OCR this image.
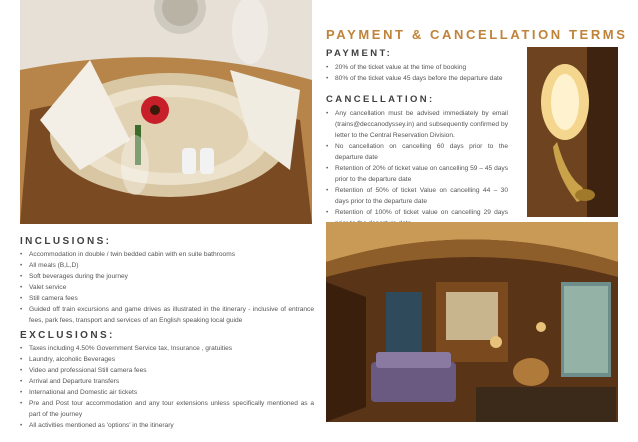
PAYMENT & CANCELLATION TERMS
PAYMENT:
• 20% of the ticket value at the time of booking
• 80% of the ticket value 45 days before the departure date
CANCELLATION:
• Any cancellation must be advised immediately by email (trains@deccanodyssey.in) and subsequently confirmed by letter to the Central Reservation Division.
• No cancellation on cancelling 60 days prior to the departure date
• Retention of 20% of ticket value on cancelling 59 – 45 days prior to the departure date
• Retention of 50% of ticket Value on cancelling 44 – 30 days prior to the departure date
• Retention of 100% of ticket value on cancelling 29 days
INCLUSIONS:
• Accommodation in double / twin bedded cabin with en suite bathrooms
• All meals (B,L,D)
• Soft beverages during the journey
• Valet service
• Still camera fees
• Guided off train excursions and game drives as illustrated in the itinerary - inclusive of entrance fees, park fees, transport and services of an English speaking local guide
EXCLUSIONS:
• Taxes including 4.50% Government Service tax, Insurance , gratuities
• Laundry, alcoholic Beverages
• Video and professional Still camera fees
• Arrival and Departure transfers
• International and Domestic air tickets
• Pre and Post tour accommodation and any tour extensions unless specifically mentioned as a part of the journey
• All activities mentioned as 'options' in the itinerary
